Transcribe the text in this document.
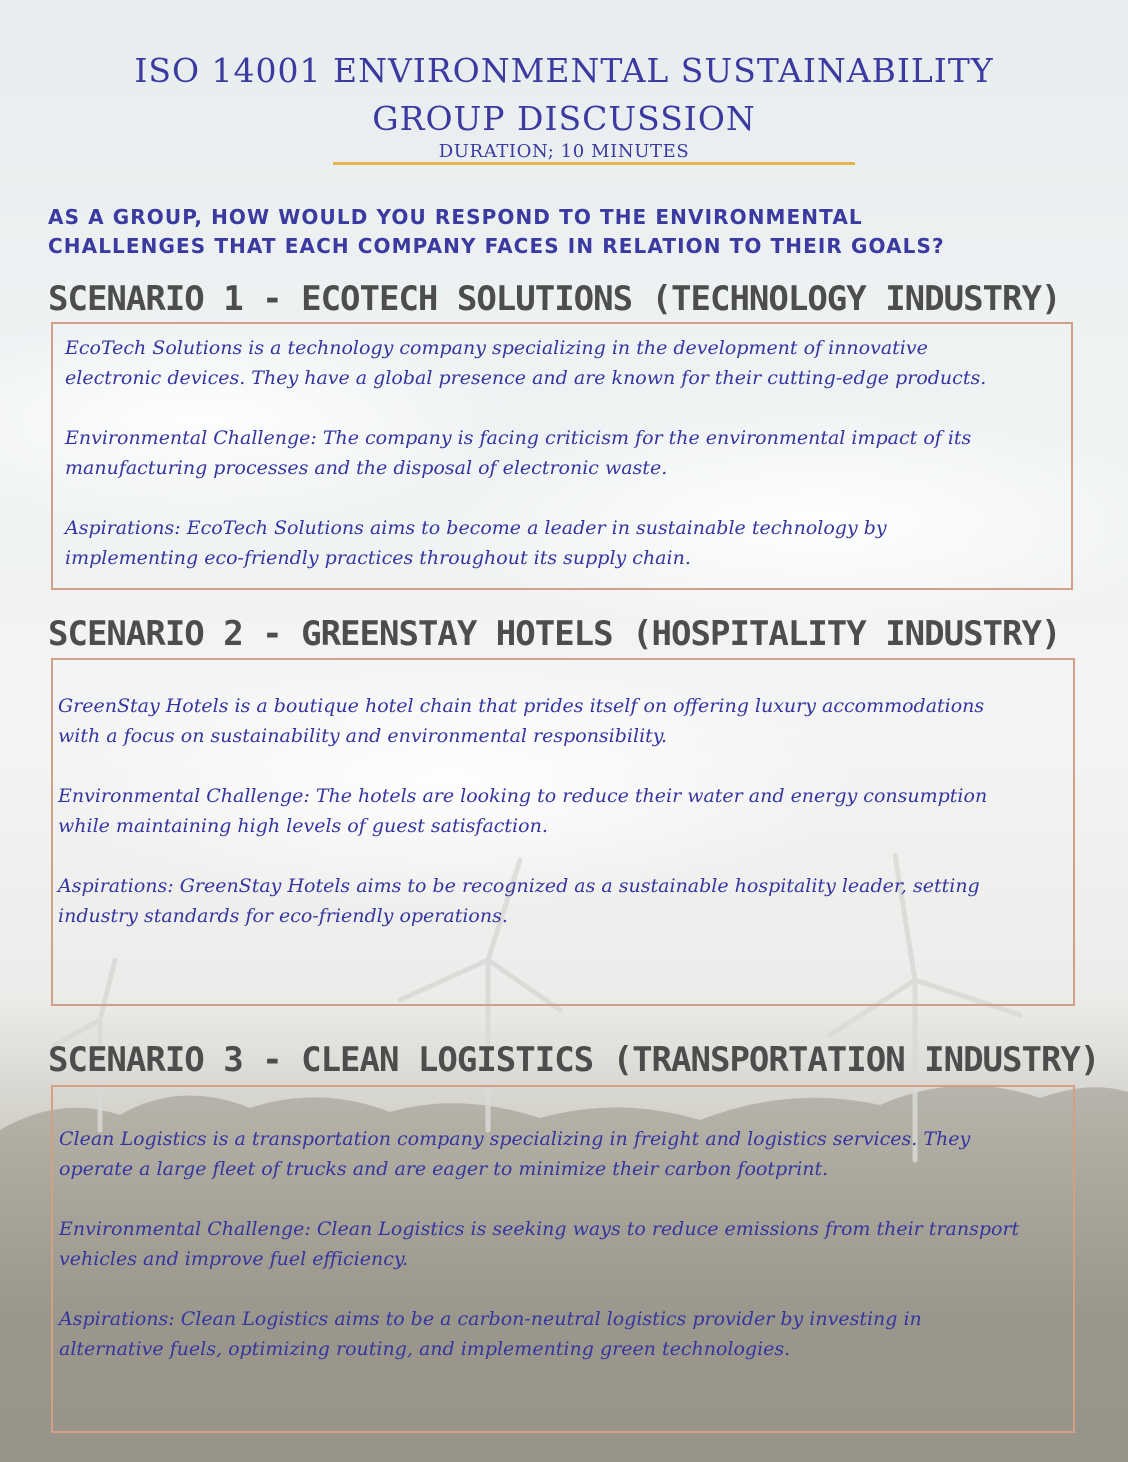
ISO 14001 ENVIRONMENTAL SUSTAINABILITY
GROUP DISCUSSION
DURATION; 10 MINUTES
AS A GROUP, HOW WOULD YOU RESPOND TO THE ENVIRONMENTAL
CHALLENGES THAT EACH COMPANY FACES IN RELATION TO THEIR GOALS?
SCENARIO 1 - ECOTECH SOLUTIONS (TECHNOLOGY INDUSTRY)

EcoTech Solutions is a technology company specializing in the development of innovative
electronic devices. They have a global presence and are known for their cutting-edge products.

Environmental Challenge: The company is facing criticism for the environmental impact of its
manufacturing processes and the disposal of electronic waste.

Aspirations: EcoTech Solutions aims to become a leader in sustainable technology by
implementing eco-friendly practices throughout its supply chain.

SCENARIO 2 - GREENSTAY HOTELS (HOSPITALITY INDUSTRY)

GreenStay Hotels is a boutique hotel chain that prides itself on offering luxury accommodations
with a focus on sustainability and environmental responsibility.

Environmental Challenge: The hotels are looking to reduce their water and energy consumption
while maintaining high levels of guest satisfaction.

Aspirations: GreenStay Hotels aims to be recognized as a sustainable hospitality leader, setting
industry standards for eco-friendly operations.

SCENARIO 3 - CLEAN LOGISTICS (TRANSPORTATION INDUSTRY)

Clean Logistics is a transportation company specializing in freight and logistics services. They
operate a large fleet of trucks and are eager to minimize their carbon footprint.

Environmental Challenge: Clean Logistics is seeking ways to reduce emissions from their transport
vehicles and improve fuel efficiency.

Aspirations: Clean Logistics aims to be a carbon-neutral logistics provider by investing in
alternative fuels, optimizing routing, and implementing green technologies.
